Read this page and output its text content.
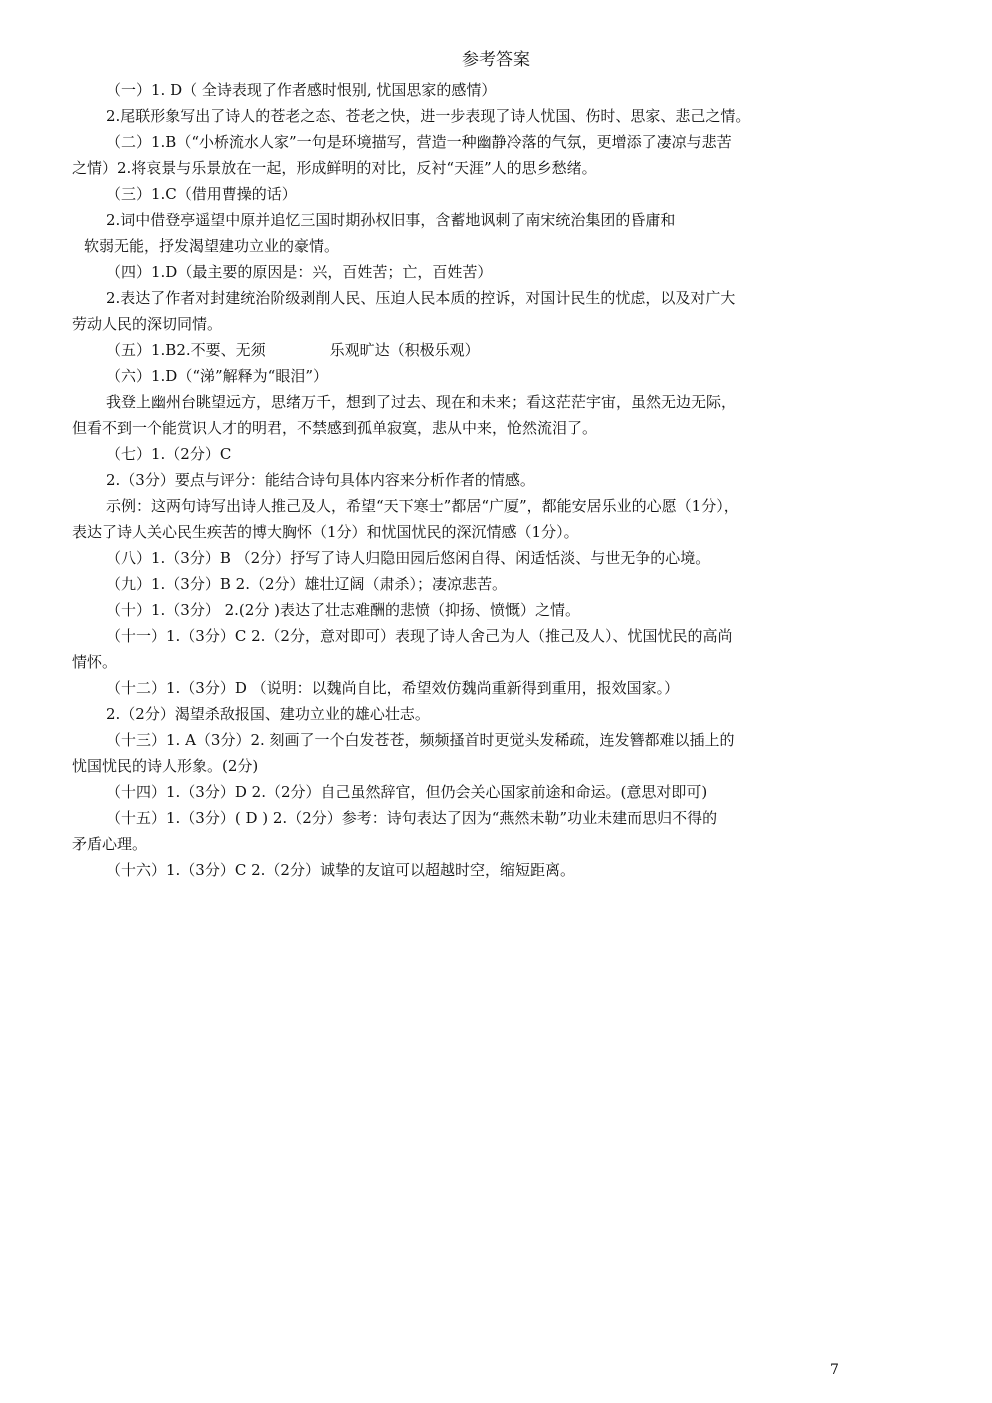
参考答案
（一）1. D（ 全诗表现了作者感时恨别, 忧国思家的感情）
2.尾联形象写出了诗人的苍老之态、苍老之快，进一步表现了诗人忧国、伤时、思家、悲己之情。
（二）1.B（“小桥流水人家”一句是环境描写，营造一种幽静冷落的气氛，更增添了凄凉与悲苦
之情）2.将哀景与乐景放在一起，形成鲜明的对比，反衬“天涯”人的思乡愁绪。
（三）1.C（借用曹操的话）
2.词中借登亭遥望中原并追忆三国时期孙权旧事，含蓄地讽刺了南宋统治集团的昏庸和
软弱无能，抒发渴望建功立业的豪情。
（四）1.D（最主要的原因是：兴，百姓苦；亡，百姓苦）
2.表达了作者对封建统治阶级剥削人民、压迫人民本质的控诉，对国计民生的忧虑，以及对广大
劳动人民的深切同情。
（五）1.B2.不要、无须	乐观旷达（积极乐观）
（六）1.D（“涕”解释为“眼泪”）
我登上幽州台眺望远方，思绪万千，想到了过去、现在和未来；看这茫茫宇宙，虽然无边无际，
但看不到一个能赏识人才的明君，不禁感到孤单寂寞，悲从中来，怆然流泪了。
（七）1.（2分）C
2.（3分）要点与评分：能结合诗句具体内容来分析作者的情感。
示例：这两句诗写出诗人推己及人，希望“天下寒士”都居“广厦”，都能安居乐业的心愿（1分），
表达了诗人关心民生疾苦的博大胸怀（1分）和忧国忧民的深沉情感（1分）。
（八）1.（3分）B （2分）抒写了诗人归隐田园后悠闲自得、闲适恬淡、与世无争的心境。
（九）1.（3分）B 2.（2分）雄壮辽阔（肃杀）；凄凉悲苦。
（十）1.（3分） 2.(2分 )表达了壮志难酬的悲愤（抑扬、愤慨）之情。
（十一）1.（3分）C 2.（2分，意对即可）表现了诗人舍己为人（推己及人）、忧国忧民的高尚
情怀。
（十二）1.（3分）D （说明：以魏尚自比，希望效仿魏尚重新得到重用，报效国家。）
2.（2分）渴望杀敌报国、建功立业的雄心壮志。
（十三）1. A（3分）2. 刻画了一个白发苍苍，频频搔首时更觉头发稀疏，连发簪都难以插上的
忧国忧民的诗人形象。(2分)
（十四）1.（3分）D 2.（2分）自己虽然辞官，但仍会关心国家前途和命运。(意思对即可)
（十五）1.（3分）( D ) 2.（2分）参考：诗句表达了因为“燕然未勒”功业未建而思归不得的
矛盾心理。
（十六）1.（3分）C 2.（2分）诚挚的友谊可以超越时空，缩短距离。
7
